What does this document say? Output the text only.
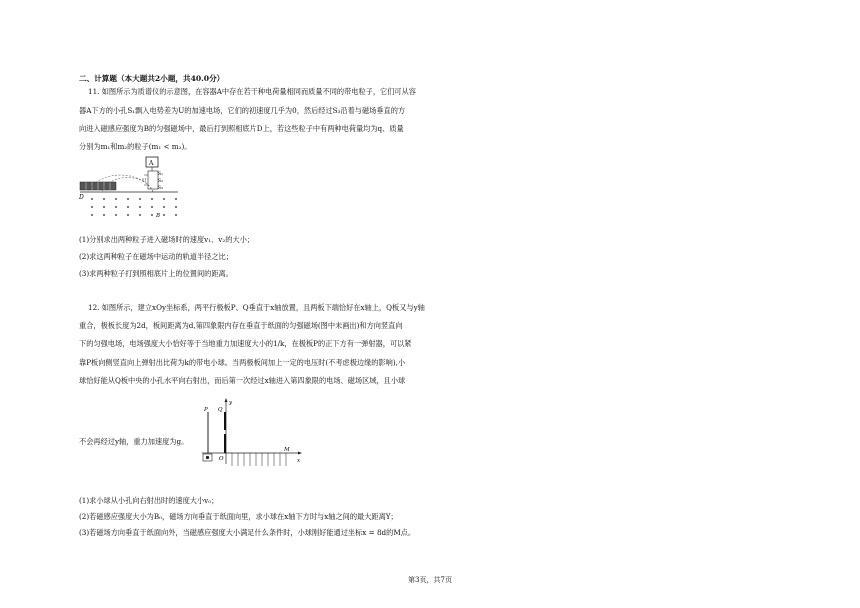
二、计算题（本大题共2小题，共40.0分）
11. 如图所示为质谱仪的示意图，在容器A中存在若干种电荷量相同而质量不同的带电粒子，它们可从容
器A下方的小孔S₁飘入电势差为U的加速电场，它们的初速度几乎为0，然后经过S₃沿着与磁场垂直的方
向进入磁感应强度为B的匀强磁场中，最后打到照相底片D上，若这些粒子中有两种电荷量均为q、质量
分别为m₁和m₂的粒子(m₁ < m₂)。
A
S₁
U	S₂
S₃
D
B
(1)分别求出两种粒子进入磁场时的速度v₁、v₂的大小；
(2)求这两种粒子在磁场中运动的轨道半径之比；
(3)求两种粒子打到照相底片上的位置间的距离。
12. 如图所示，建立xOy坐标系，两平行极板P、Q垂直于x轴放置，且两板下端恰好在x轴上，Q板又与y轴
重合，极板长度为2d，板间距离为d,第四象限内存在垂直于纸面的匀强磁场(图中未画出)和方向竖直向
下的匀强电场，电场强度大小恰好等于当地重力加速度大小的1/k，在极板P的正下方有一弹射器，可以紧
靠P板向侧竖直向上弹射出比荷为k的带电小球。当两极板间加上一定的电压时(不考虑极边缘的影响),小
球恰好能从Q板中央的小孔水平向右射出，而后第一次经过x轴进入第四象限的电场、磁场区域，且小球
y
x
P Q
O
M
不会再经过y轴，重力加速度为g。
(1)求小球从小孔向右射出时的速度大小v₀；
(2)若磁感应强度大小为B₀，磁场方向垂直于纸面向里，求小球在x轴下方时与x轴之间的最大距离Y；
(3)若磁场方向垂直于纸面向外，当磁感应强度大小满足什么条件时，小球刚好能通过坐标x = 8d的M点。
第3页，共7页
